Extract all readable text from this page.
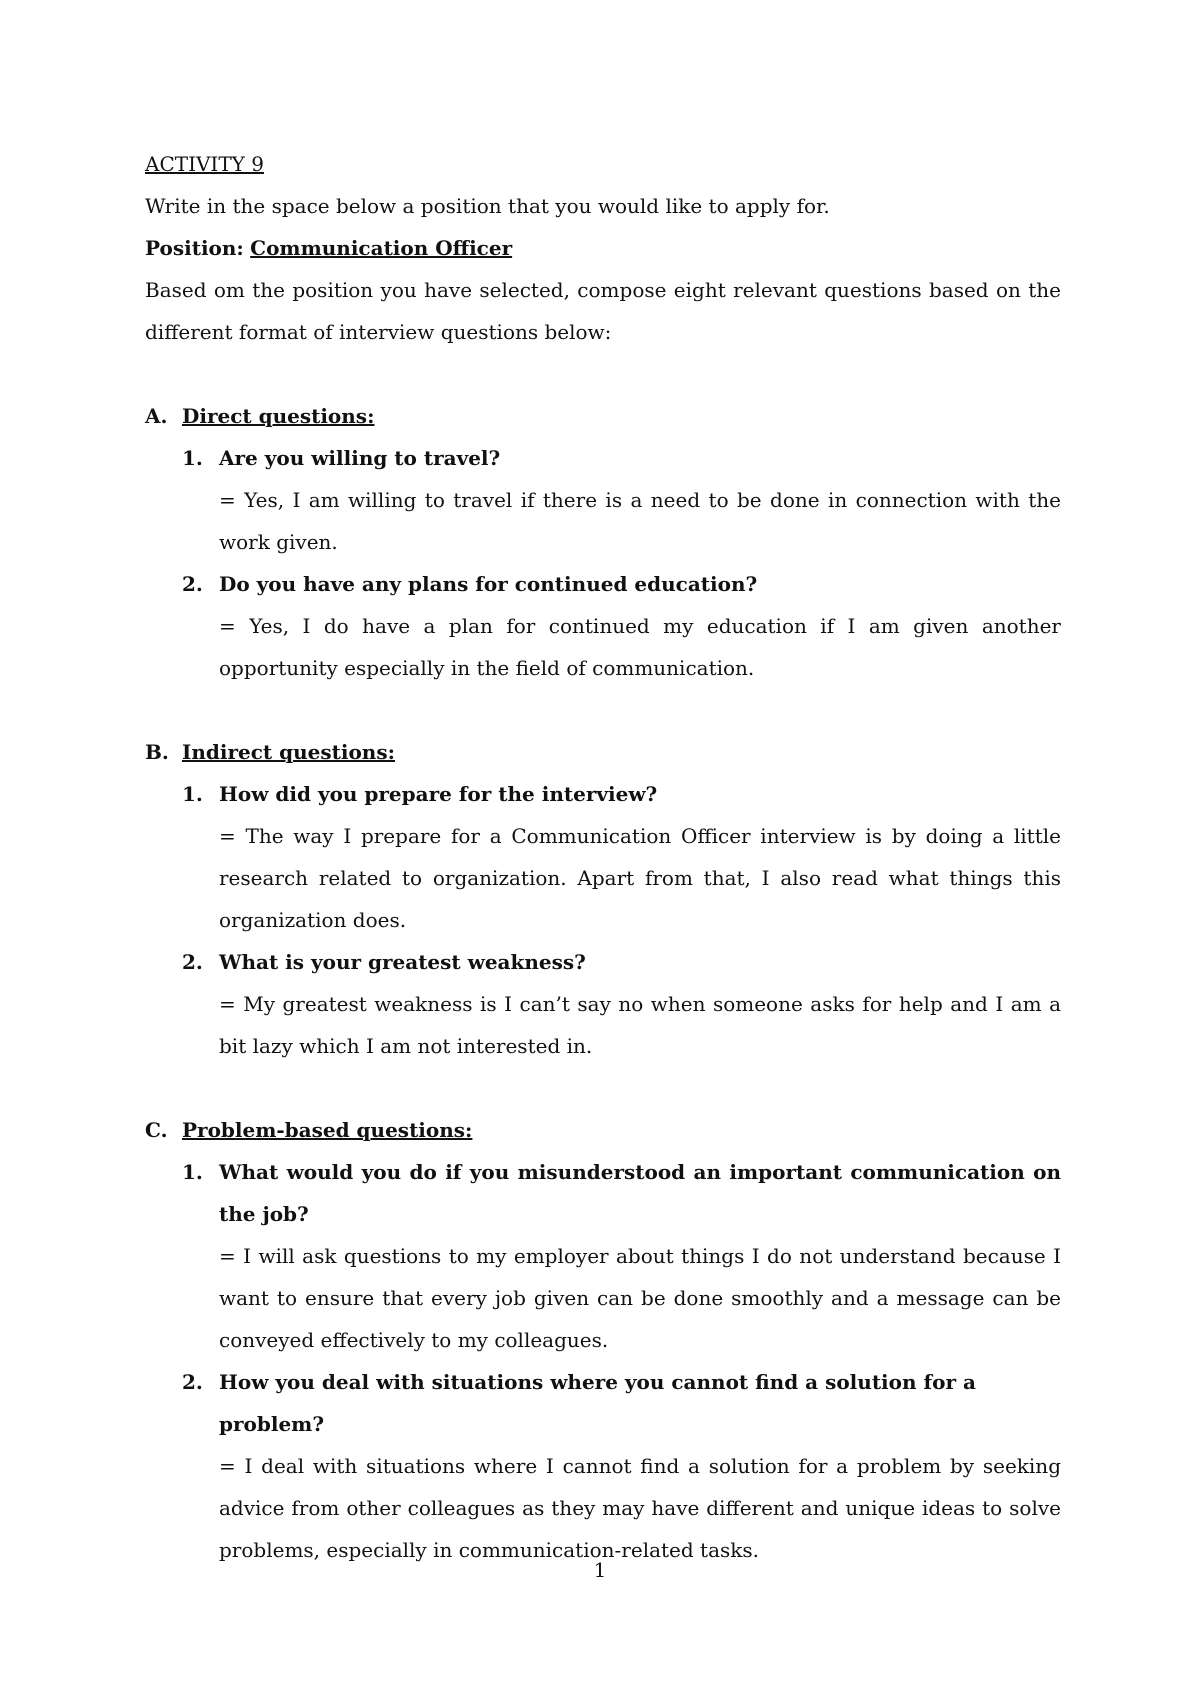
ACTIVITY 9
Write in the space below a position that you would like to apply for.
Position: Communication Officer
Based om the position you have selected, compose eight relevant questions based on the different format of interview questions below:
A. Direct questions:
1. Are you willing to travel?
= Yes, I am willing to travel if there is a need to be done in connection with the work given.
2. Do you have any plans for continued education?
= Yes, I do have a plan for continued my education if I am given another opportunity especially in the field of communication.
B. Indirect questions:
1. How did you prepare for the interview?
= The way I prepare for a Communication Officer interview is by doing a little research related to organization. Apart from that, I also read what things this organization does.
2. What is your greatest weakness?
= My greatest weakness is I can’t say no when someone asks for help and I am a bit lazy which I am not interested in.
C. Problem-based questions:
1. What would you do if you misunderstood an important communication on the job?
= I will ask questions to my employer about things I do not understand because I want to ensure that every job given can be done smoothly and a message can be conveyed effectively to my colleagues.
2. How you deal with situations where you cannot find a solution for a problem?
= I deal with situations where I cannot find a solution for a problem by seeking advice from other colleagues as they may have different and unique ideas to solve problems, especially in communication-related tasks.
1
